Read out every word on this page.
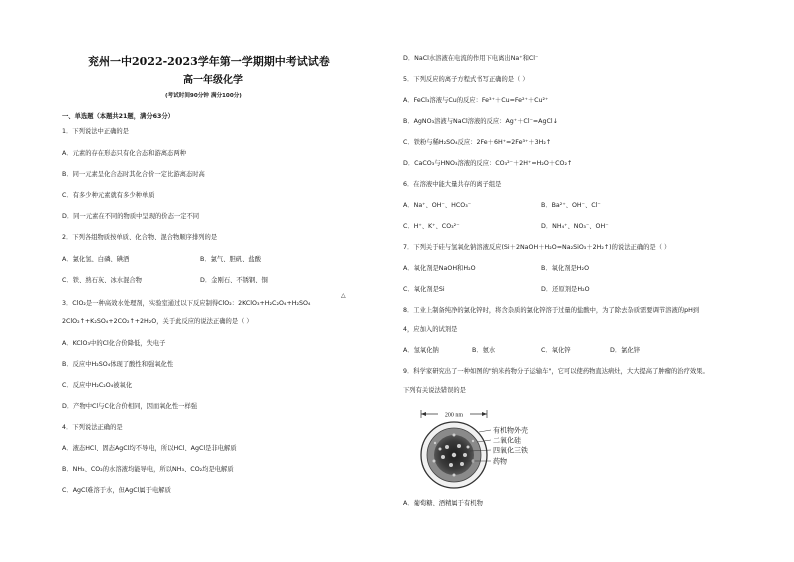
兖州一中2022-2023学年第一学期期中考试试卷
高一年级化学
(考试时间90分钟 满分100分)
一、单选题（本题共21题，满分63分）
1．下列说法中正确的是
A．元素的存在形态只有化合态和游离态两种
B．同一元素呈化合态时其化合价一定比游离态时高
C．有多少种元素就有多少种单质
D．同一元素在不同的物质中呈现的价态一定不同
2．下列各组物质按单质、化合物、混合物顺序排列的是
A．氯化氢、白磷、碘酒	B．氯气、胆矾、盐酸
C．铁、熟石灰、冰水混合物	D．金刚石、不锈钢、铜
3．ClO₂是一种高效水处理剂，实验室通过以下反应制得ClO₂：2KClO₃+H₂C₂O₄+H₂SO₄
△
2ClO₂↑+K₂SO₄+2CO₂↑+2H₂O，关于此反应的说法正确的是（ ）
A．KClO₃中的Cl化合价降低，失电子
B．反应中H₂SO₄体现了酸性和强氧化性
C．反应中H₂C₂O₄被氧化
D．产物中Cl与C化合价相同，因而氧化性一样强
4．下列说法正确的是
A．液态HCl、固态AgCl均不导电，所以HCl、AgCl是非电解质
B．NH₃、CO₂的水溶液均能导电，所以NH₃、CO₂均是电解质
C．AgCl难溶于水，但AgCl属于电解质
D．NaCl水溶液在电流的作用下电离出Na⁺和Cl⁻
5．下列反应的离子方程式书写正确的是（ ）
A．FeCl₃溶液与Cu的反应：Fe³⁺＋Cu=Fe²⁺＋Cu²⁺
B．AgNO₃溶液与NaCl溶液的反应：Ag⁺＋Cl⁻=AgCl↓
C．铁粉与稀H₂SO₄反应：2Fe＋6H⁺=2Fe³⁺＋3H₂↑
D．CaCO₃与HNO₃溶液的反应：CO₃²⁻＋2H⁺=H₂O＋CO₂↑
6．在溶液中能大量共存的离子组是
A．Na⁺、OH⁻、HCO₃⁻	B．Ba²⁺、OH⁻、Cl⁻
C．H⁺、K⁺、CO₃²⁻	D．NH₄⁺、NO₃⁻、OH⁻
7．下列关于硅与氢氧化钠溶液反应(Si＋2NaOH＋H₂O=Na₂SiO₃＋2H₂↑)的说法正确的是（ ）
A．氧化剂是NaOH和H₂O	B．氧化剂是H₂O
C．氧化剂是Si	D．还原剂是H₂O
8．工业上制备纯净的氯化锌时，将含杂质的氯化锌溶于过量的盐酸中，为了除去杂质需要调节溶液的pH到
4，应加入的试剂是
A．氢氧化钠	B．氨水	C．氧化锌	D．氯化锌
9．科学家研究出了一种如图的"纳米药物分子运输车"，它可以使药物直达病灶，大大提高了肿瘤的治疗效果。
下列有关说法错误的是
200 nm
有机物外壳
二氧化硅
四氧化三铁
药物
A．葡萄糖、酒精属于有机物
